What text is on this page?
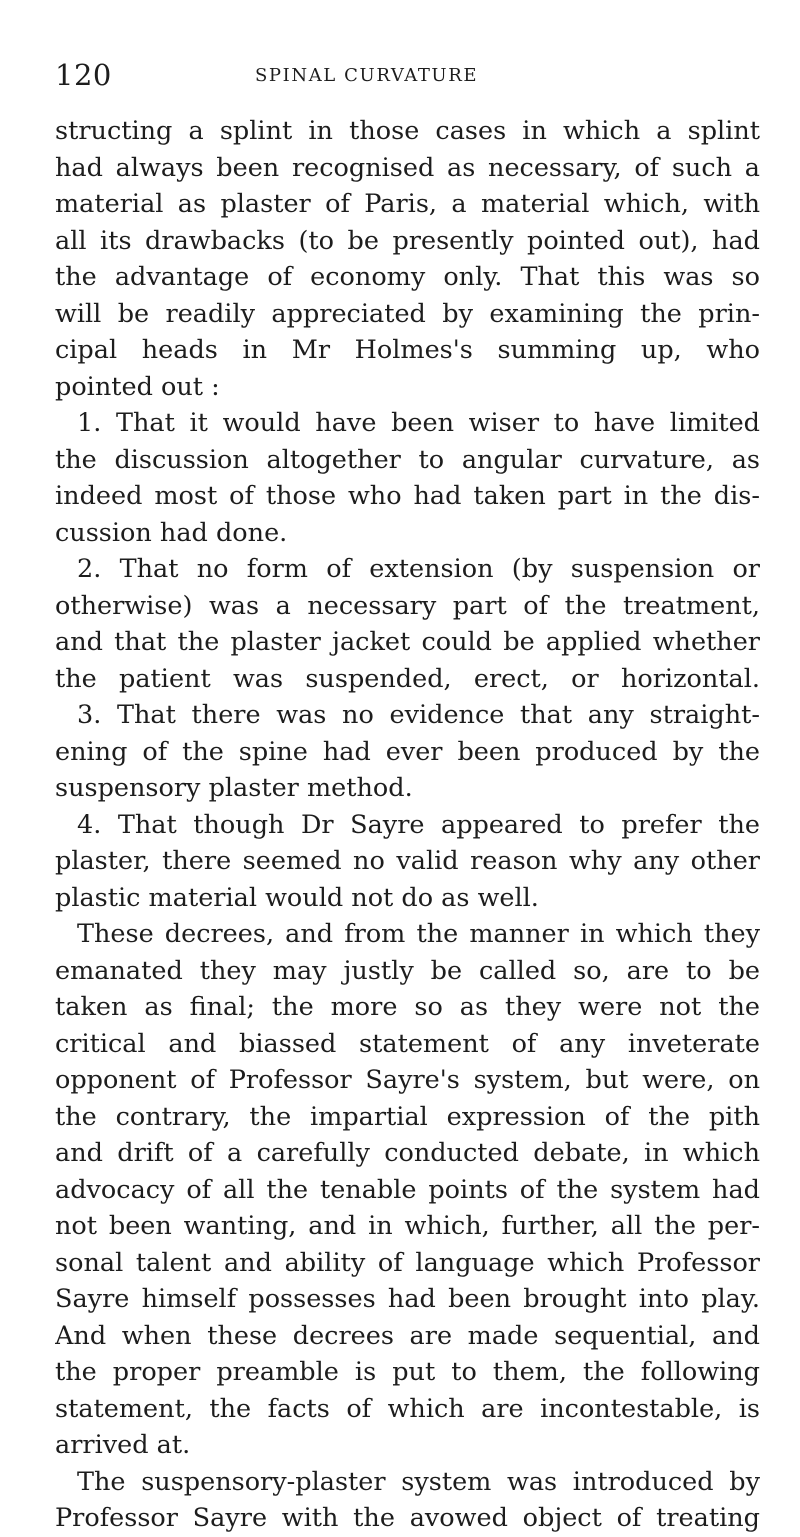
120	SPINAL CURVATURE
structing a splint in those cases in which a splint
had always been recognised as necessary, of such a
material as plaster of Paris, a material which, with
all its drawbacks (to be presently pointed out), had
the advantage of economy only. That this was so
will be readily appreciated by examining the prin-
cipal heads in Mr Holmes's summing up, who
pointed out :
1. That it would have been wiser to have limited
the discussion altogether to angular curvature, as
indeed most of those who had taken part in the dis-
cussion had done.
2. That no form of extension (by suspension or
otherwise) was a necessary part of the treatment,
and that the plaster jacket could be applied whether
the patient was suspended, erect, or horizontal.
3. That there was no evidence that any straight-
ening of the spine had ever been produced by the
suspensory plaster method.
4. That though Dr Sayre appeared to prefer the
plaster, there seemed no valid reason why any other
plastic material would not do as well.
These decrees, and from the manner in which they
emanated they may justly be called so, are to be
taken as final; the more so as they were not the
critical and biassed statement of any inveterate
opponent of Professor Sayre's system, but were, on
the contrary, the impartial expression of the pith
and drift of a carefully conducted debate, in which
advocacy of all the tenable points of the system had
not been wanting, and in which, further, all the per-
sonal talent and ability of language which Professor
Sayre himself possesses had been brought into play.
And when these decrees are made sequential, and
the proper preamble is put to them, the following
statement, the facts of which are incontestable, is
arrived at.
The suspensory-plaster system was introduced by
Professor Sayre with the avowed object of treating
